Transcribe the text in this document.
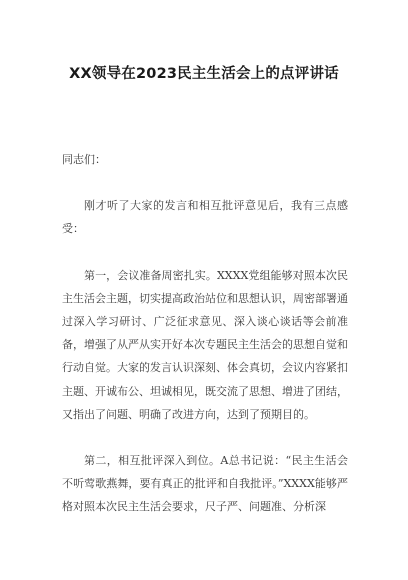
XX领导在2023民主生活会上的点评讲话

同志们：

刚才听了大家的发言和相互批评意见后，我有三点感受：

第一，会议准备周密扎实。XXXX党组能够对照本次民主生活会主题，切实提高政治站位和思想认识，周密部署通过深入学习研讨、广泛征求意见、深入谈心谈话等会前准备，增强了从严从实开好本次专题民主生活会的思想自觉和行动自觉。大家的发言认识深刻、体会真切，会议内容紧扣主题、开诚布公、坦诚相见，既交流了思想、增进了团结，又指出了问题、明确了改进方向，达到了预期目的。

第二，相互批评深入到位。A总书记说：“民主生活会不听莺歌燕舞，要有真正的批评和自我批评。”XXXX能够严格对照本次民主生活会要求，尺子严、问题准、分析深
